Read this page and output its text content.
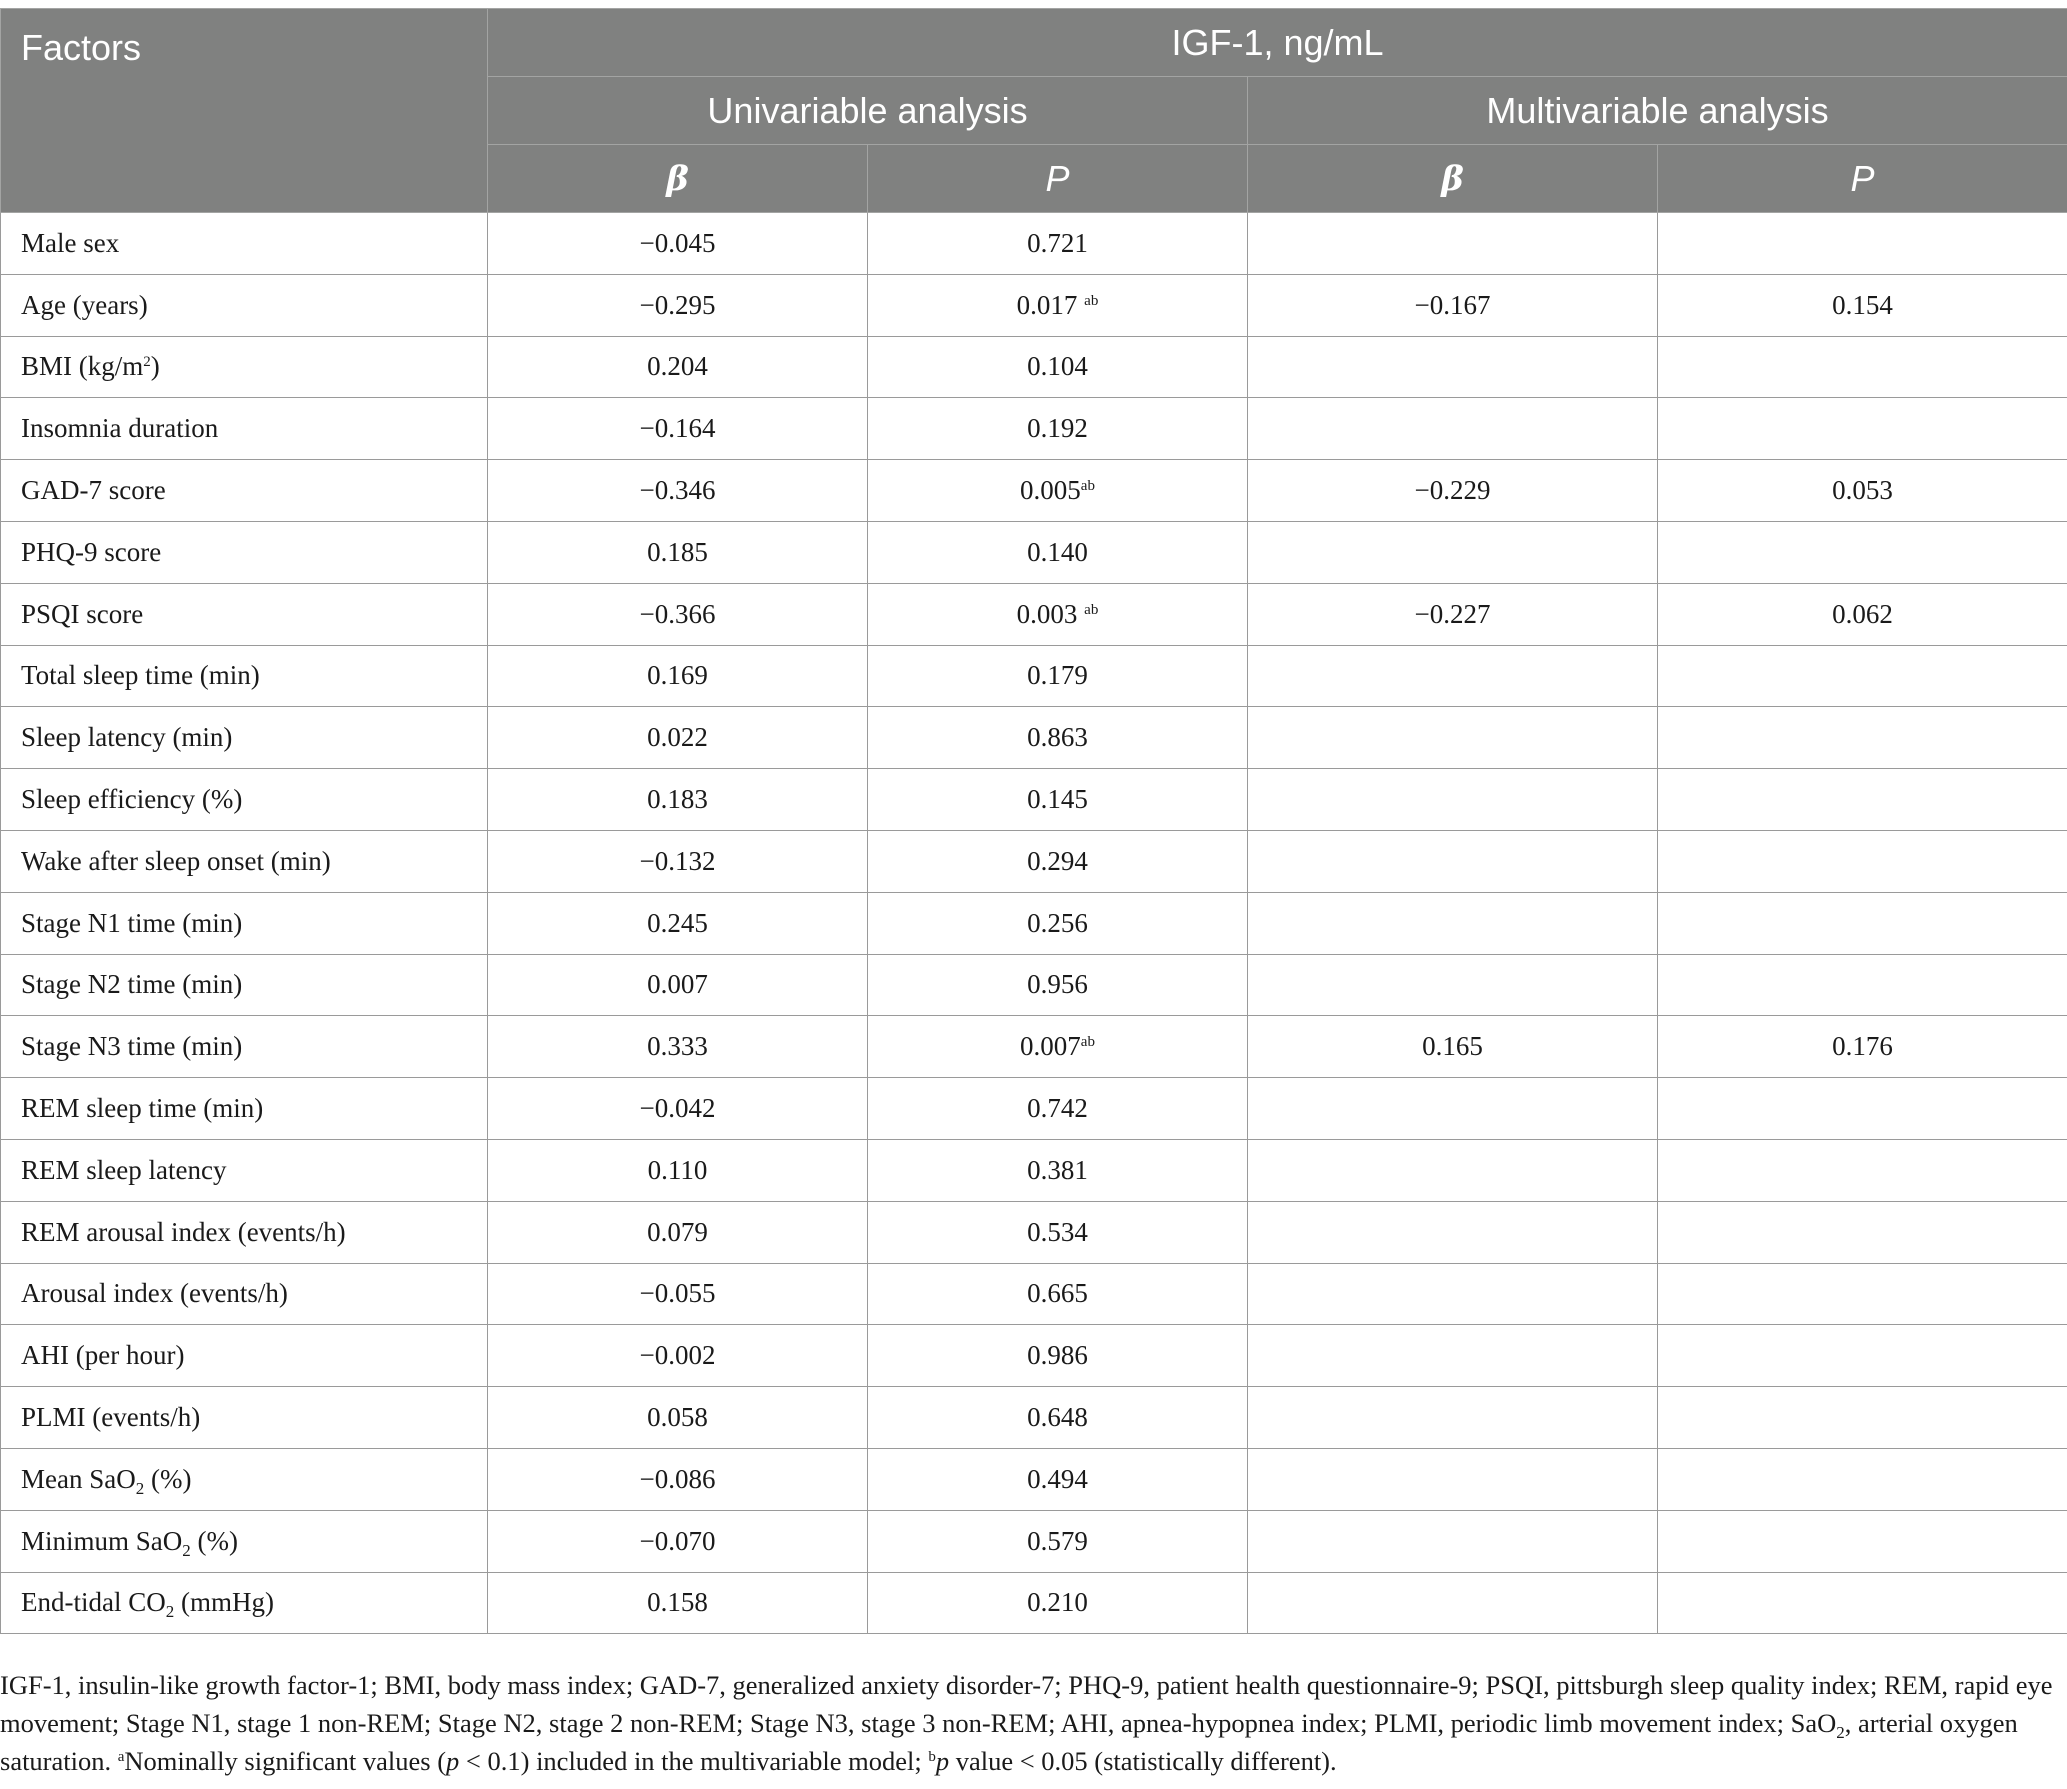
Factors	IGF-1, ng/mL			
	Univariable analysis		Multivariable analysis	
	β	P	β	P
Male sex	−0.045	0.721		
Age (years)	−0.295	0.017 $^{ab}$	−0.167	0.154
BMI $(kg/m^2)$	0.204	0.104		
Insomnia duration	−0.164	0.192		
GAD-7 score	−0.346	0.005$^{ab}$	−0.229	0.053
PHQ-9 score	0.185	0.140		
PSQI score	−0.366	0.003 $^{ab}$	−0.227	0.062
Total sleep time (min)	0.169	0.179		
Sleep latency (min)	0.022	0.863		
Sleep efficiency (%)	0.183	0.145		
Wake after sleep onset (min)	−0.132	0.294		
Stage N1 time (min)	0.245	0.256		
Stage N2 time (min)	0.007	0.956		
Stage N3 time (min)	0.333	0.007$^{ab}$	0.165	0.176
REM sleep time (min)	−0.042	0.742		
REM sleep latency	0.110	0.381		
REM arousal index (events/h)	0.079	0.534		
Arousal index (events/h)	−0.055	0.665		
AHI (per hour)	−0.002	0.986		
PLMI (events/h)	0.058	0.648		
Mean SaO$_2$ (%)	−0.086	0.494		
Minimum SaO$_2$ (%)	−0.070	0.579		
End-tidal $CO_2$ (mmHg)	0.158	0.210		
IGF-1, insulin-like growth factor-1; BMI, body mass index; GAD-7, generalized anxiety disorder-7; PHQ-9, patient health questionnaire-9; PSQI, pittsburgh sleep quality index; REM, rapid eye movement; Stage N1, stage 1 non-REM; Stage N2, stage 2 non-REM; Stage N3, stage 3 non-REM; AHI, apnea-hypopnea index; PLMI, periodic limb movement index; SaO$_2$, arterial oxygen saturation. $^a$Nominally significant values (p < 0.1) included in the multivariable model; $^b$p value < 0.05 (statistically different).
